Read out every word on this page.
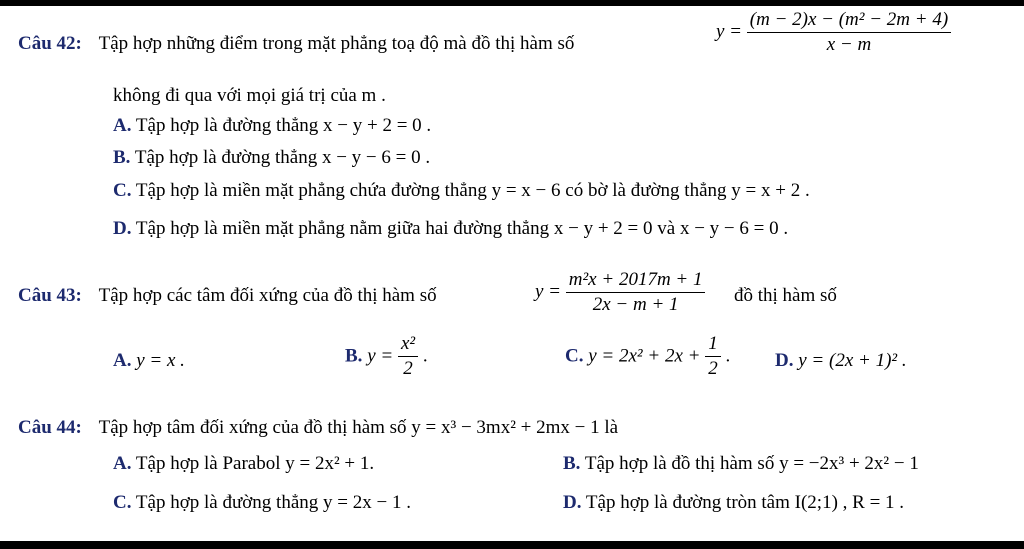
Câu 42: Tập hợp những điểm trong mặt phẳng toạ độ mà đồ thị hàm số
$y = \frac{\text{(m − 2)x − (m² − 2m + 4)}}{x - m}$
không đi qua với mọi giá trị của m .
A. Tập hợp là đường thẳng x − y + 2 = 0 .
B. Tập hợp là đường thẳng x − y − 6 = 0 .
C. Tập hợp là miền mặt phẳng chứa đường thẳng y = x − 6 có bờ là đường thẳng y = x + 2 .
D. Tập hợp là miền mặt phẳng nằm giữa hai đường thẳng x − y + 2 = 0 và x − y − 6 = 0 .
Câu 43: Tập hợp các tâm đối xứng của đồ thị hàm số	$y = \frac{\text{m²x + 2017m + 1}}{2x - m + 1}$ đồ thị hàm số
A. y = x .	B. $y = \frac{\text{x²}}{2}$ .	C. $y = 2x^2 + 2x + \frac{1}{2}$ . D. y = (2x + 1)² .
Câu 44: Tập hợp tâm đối xứng của đồ thị hàm số y = x³ − 3mx² + 2mx − 1 là
A. Tập hợp là Parabol y = 2x² + 1.	B. Tập hợp là đồ thị hàm số y = −2x³ + 2x² − 1
C. Tập hợp là đường thẳng y = 2x − 1 .	D. Tập hợp là đường tròn tâm I(2;1) , R = 1 .
